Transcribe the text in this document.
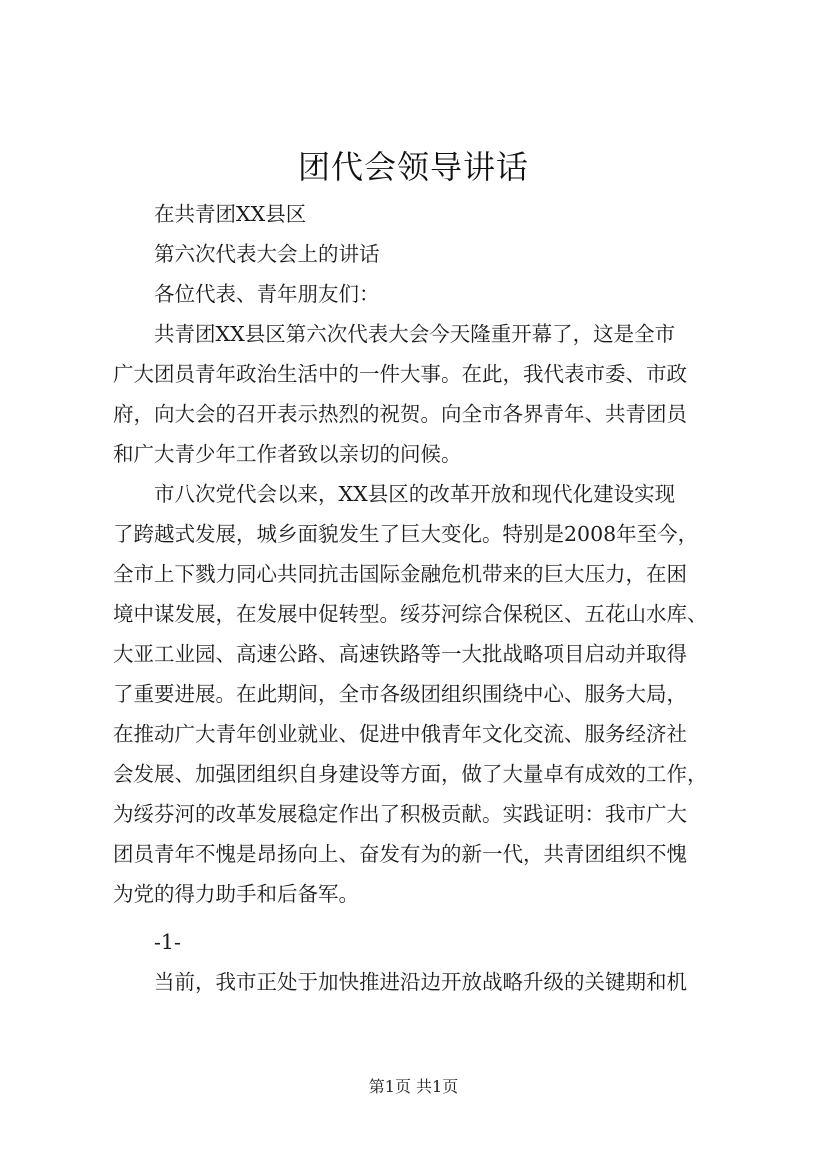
团代会领导讲话
在共青团XX县区
第六次代表大会上的讲话
各位代表、青年朋友们：
共青团XX县区第六次代表大会今天隆重开幕了，这是全市
广大团员青年政治生活中的一件大事。在此，我代表市委、市政
府，向大会的召开表示热烈的祝贺。向全市各界青年、共青团员
和广大青少年工作者致以亲切的问候。
市八次党代会以来，XX县区的改革开放和现代化建设实现
了跨越式发展，城乡面貌发生了巨大变化。特别是2008年至今，
全市上下戮力同心共同抗击国际金融危机带来的巨大压力，在困
境中谋发展，在发展中促转型。绥芬河综合保税区、五花山水库、
大亚工业园、高速公路、高速铁路等一大批战略项目启动并取得
了重要进展。在此期间，全市各级团组织围绕中心、服务大局，
在推动广大青年创业就业、促进中俄青年文化交流、服务经济社
会发展、加强团组织自身建设等方面，做了大量卓有成效的工作，
为绥芬河的改革发展稳定作出了积极贡献。实践证明：我市广大
团员青年不愧是昂扬向上、奋发有为的新一代，共青团组织不愧
为党的得力助手和后备军。
-1-
当前，我市正处于加快推进沿边开放战略升级的关键期和机
第1页 共1页
